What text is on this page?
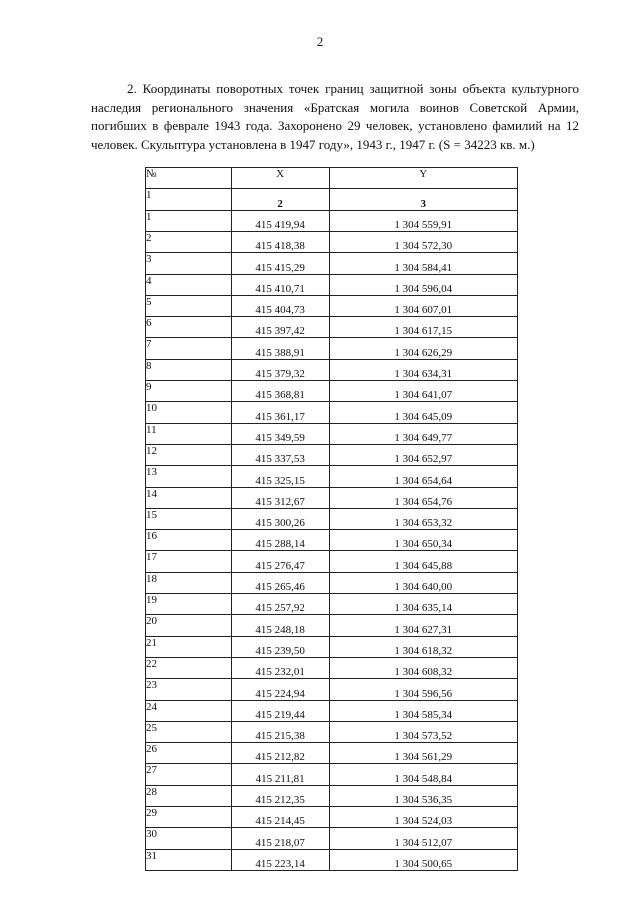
2

2. Координаты поворотных точек границ защитной зоны объекта культурного наследия регионального значения «Братская могила воинов Советской Армии, погибших в феврале 1943 года. Захоронено 29 человек, установлено фамилий на 12 человек. Скульптура установлена в 1947 году», 1943 г., 1947 г. (S = 34223 кв. м.)

№	X	Y
1	2	3
1	415 419,94	1 304 559,91
2	415 418,38	1 304 572,30
3	415 415,29	1 304 584,41
4	415 410,71	1 304 596,04
5	415 404,73	1 304 607,01
6	415 397,42	1 304 617,15
7	415 388,91	1 304 626,29
8	415 379,32	1 304 634,31
9	415 368,81	1 304 641,07
10	415 361,17	1 304 645,09
11	415 349,59	1 304 649,77
12	415 337,53	1 304 652,97
13	415 325,15	1 304 654,64
14	415 312,67	1 304 654,76
15	415 300,26	1 304 653,32
16	415 288,14	1 304 650,34
17	415 276,47	1 304 645,88
18	415 265,46	1 304 640,00
19	415 257,92	1 304 635,14
20	415 248,18	1 304 627,31
21	415 239,50	1 304 618,32
22	415 232,01	1 304 608,32
23	415 224,94	1 304 596,56
24	415 219,44	1 304 585,34
25	415 215,38	1 304 573,52
26	415 212,82	1 304 561,29
27	415 211,81	1 304 548,84
28	415 212,35	1 304 536,35
29	415 214,45	1 304 524,03
30	415 218,07	1 304 512,07
31	415 223,14	1 304 500,65
